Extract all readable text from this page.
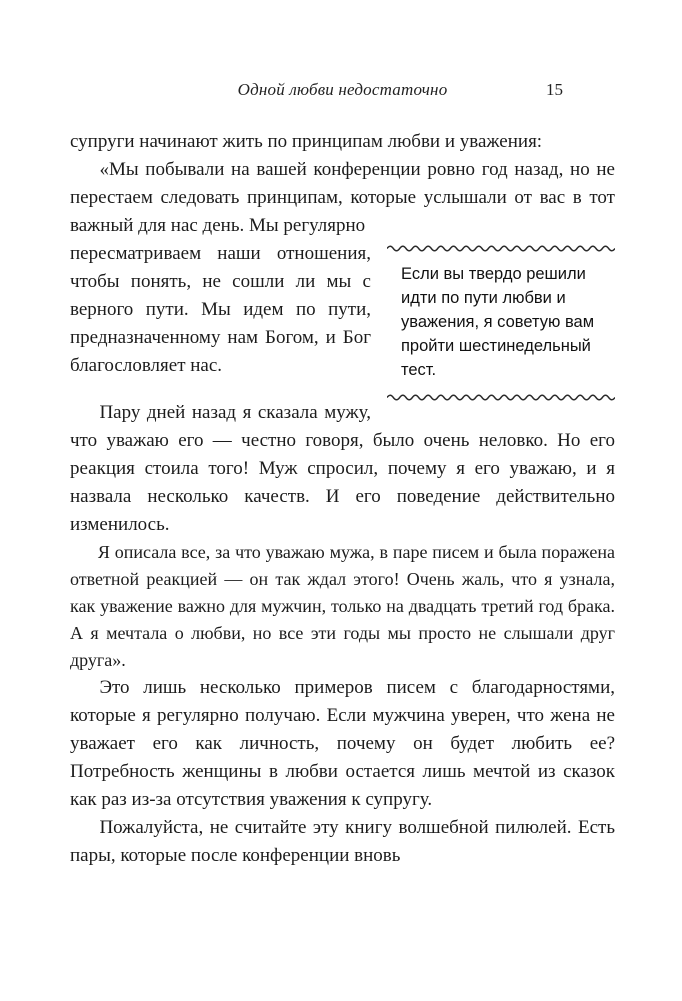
Одной любви недостаточно	15

супруги начинают жить по принципам любви и уважения:

«Мы побывали на вашей конференции ровно год назад, но не перестаем следовать принципам, которые услышали от вас в тот важный для нас день. Мы регулярно

Если вы твердо решили идти по пути любви и уважения, я советую вам пройти шестинедельный тест.
пересматриваем наши отношения, чтобы понять, не сошли ли мы с верного пути. Мы идем по пути, предназначенному нам Богом, и Бог благословляет нас.

Пару дней назад я сказала мужу, что уважаю его — честно говоря, было очень неловко. Но его реакция стоила того! Муж спросил, почему я его уважаю, и я назвала несколько качеств. И его поведение действительно изменилось.

Я описала все, за что уважаю мужа, в паре писем и была поражена ответной реакцией — он так ждал этого! Очень жаль, что я узнала, как уважение важно для мужчин, только на двадцать третий год брака. А я мечтала о любви, но все эти годы мы просто не слышали друг друга».

Это лишь несколько примеров писем с благодарностями, которые я регулярно получаю. Если мужчина уверен, что жена не уважает его как личность, почему он будет любить ее? Потребность женщины в любви остается лишь мечтой из сказок как раз из-за отсутствия уважения к супругу.

Пожалуйста, не считайте эту книгу волшебной пилюлей. Есть пары, которые после конференции вновь
